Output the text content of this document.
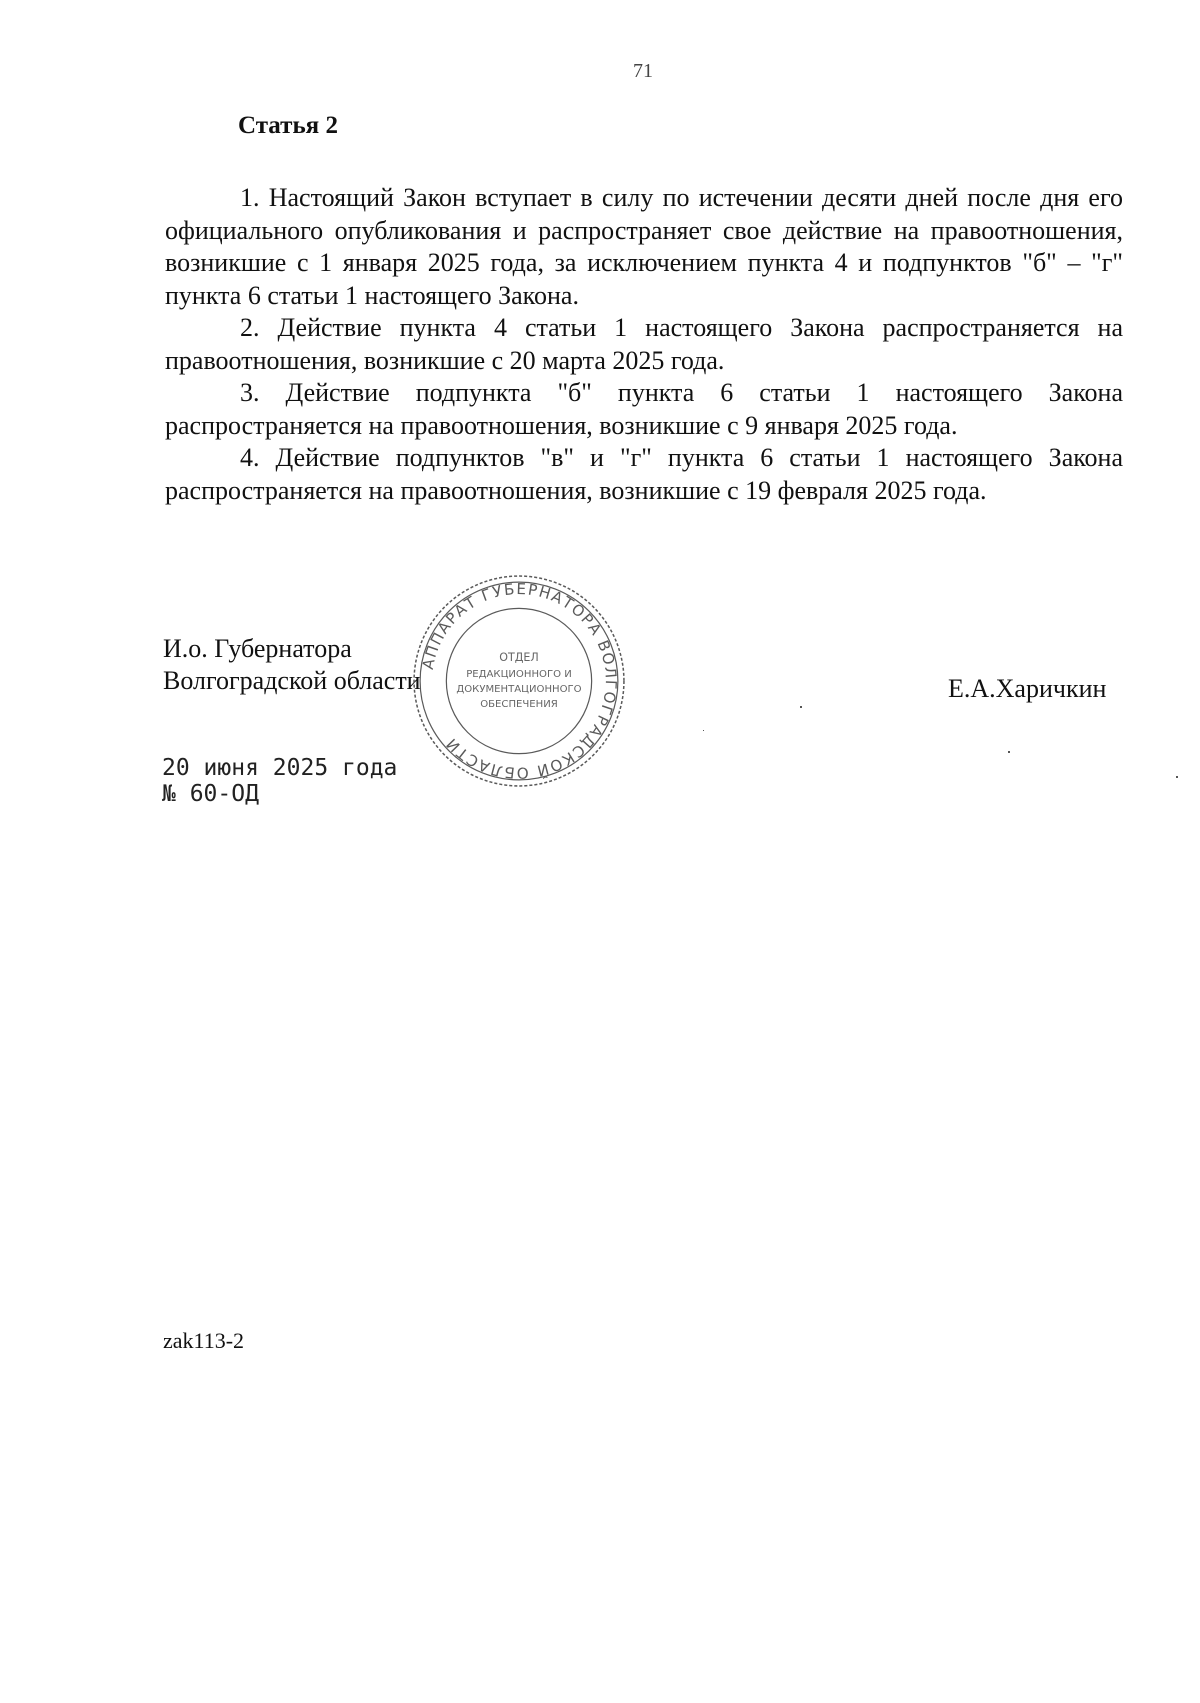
71
Статья 2

1. Настоящий Закон вступает в силу по истечении десяти дней после дня его официального опубликования и распространяет свое действие на правоотношения, возникшие с 1 января 2025 года, за исключением пункта 4 и подпунктов "б" – "г" пункта 6 статьи 1 настоящего Закона.

2. Действие пункта 4 статьи 1 настоящего Закона распространяется на правоотношения, возникшие с 20 марта 2025 года.

3. Действие подпункта "б" пункта 6 статьи 1 настоящего Закона распространяется на правоотношения, возникшие с 9 января 2025 года.

4. Действие подпунктов "в" и "г" пункта 6 статьи 1 настоящего Закона распространяется на правоотношения, возникшие с 19 февраля 2025 года.

И.о. Губернатора
Волгоградской области	Е.А.Харичкин
АППАРАТ ГУБЕРНАТОРА ВОЛГОГРАДСКОЙ ОБЛАСТИ
ОТДЕЛ
РЕДАКЦИОННОГО И
ДОКУМЕНТАЦИОННОГО
ОБЕСПЕЧЕНИЯ
20 июня 2025 года
№ 60-ОД
zak113-2
